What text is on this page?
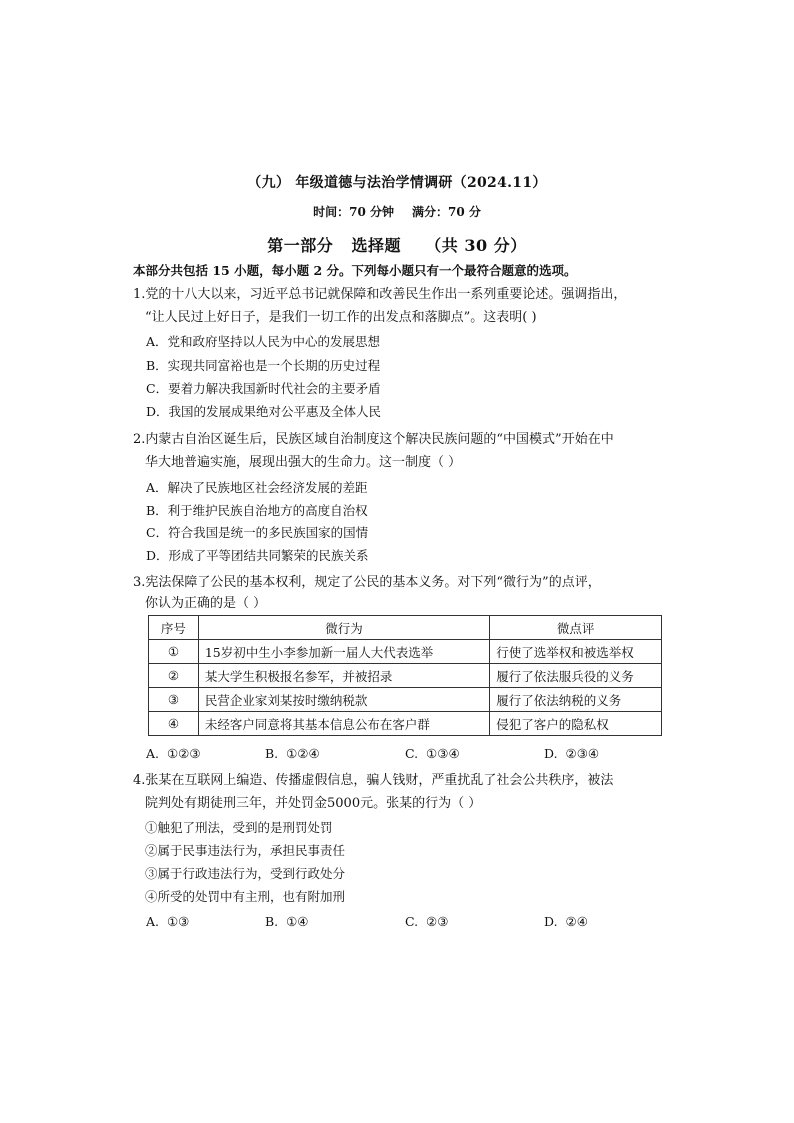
（九） 年级道德与法治学情调研（2024.11）
时间：70 分钟 满分：70 分
第一部分   选择题    （共 30 分）
本部分共包括 15 小题，每小题 2 分。下列每小题只有一个最符合题意的选项。
1.党的十八大以来，习近平总书记就保障和改善民生作出一系列重要论述。强调指出，
“让人民过上好日子，是我们一切工作的出发点和落脚点”。这表明( )
A．党和政府坚持以人民为中心的发展思想
B．实现共同富裕也是一个长期的历史过程
C．要着力解决我国新时代社会的主要矛盾
D．我国的发展成果绝对公平惠及全体人民
2.内蒙古自治区诞生后，民族区域自治制度这个解决民族问题的“中国模式”开始在中
华大地普遍实施，展现出强大的生命力。这一制度（ ）
A．解决了民族地区社会经济发展的差距
B．利于维护民族自治地方的高度自治权
C．符合我国是统一的多民族国家的国情
D．形成了平等团结共同繁荣的民族关系
3.宪法保障了公民的基本权利，规定了公民的基本义务。对下列“微行为”的点评，
你认为正确的是（ ）
序号	微行为	微点评
①	15岁初中生小李参加新一届人大代表选举	行使了选举权和被选举权
②	某大学生积极报名参军，并被招录	履行了依法服兵役的义务
③	民营企业家刘某按时缴纳税款	履行了依法纳税的义务
④	未经客户同意将其基本信息公布在客户群	侵犯了客户的隐私权
A.  ①②③	B.  ①②④	C.  ①③④	D.  ②③④
4.张某在互联网上编造、传播虚假信息，骗人钱财，严重扰乱了社会公共秩序，被法
院判处有期徒刑三年，并处罚金5000元。张某的行为（ ）
①触犯了刑法，受到的是刑罚处罚
②属于民事违法行为，承担民事责任
③属于行政违法行为，受到行政处分
④所受的处罚中有主刑，也有附加刑
A.  ①③	B.  ①④	C.  ②③	D.  ②④
